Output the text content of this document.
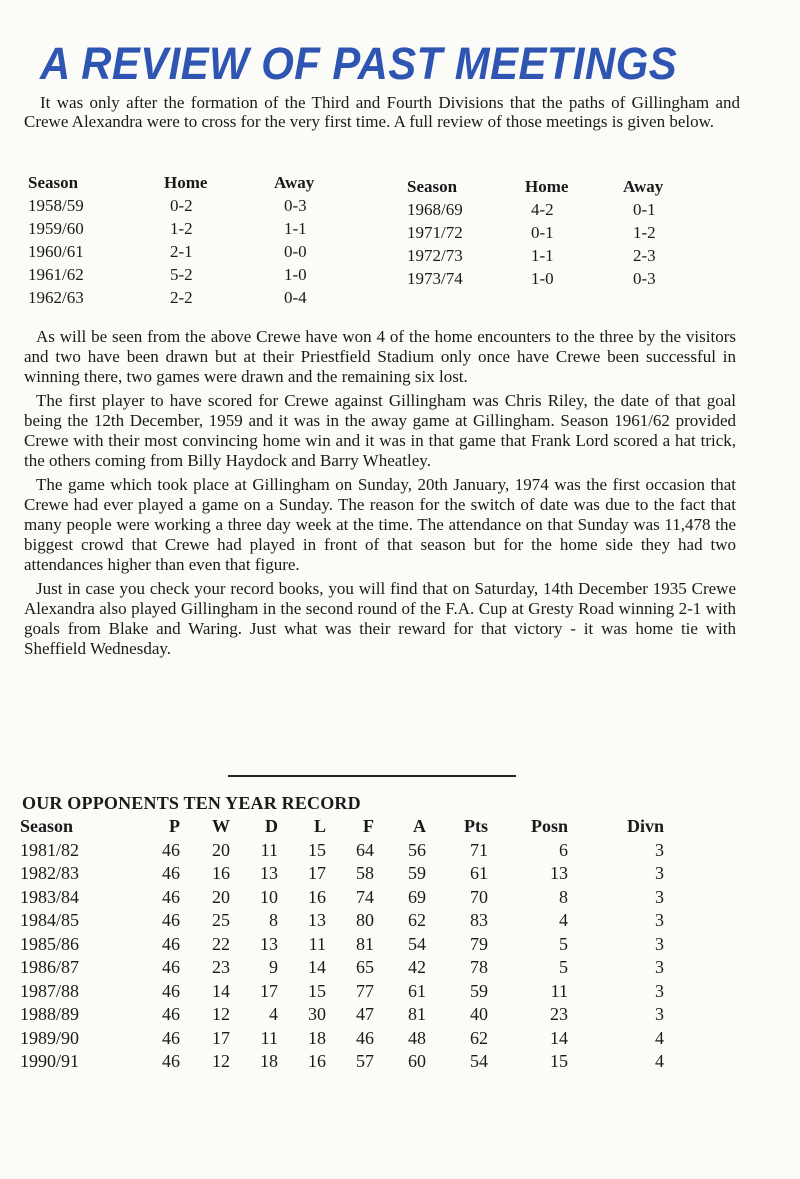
A REVIEW OF PAST MEETINGS

It was only after the formation of the Third and Fourth Divisions that the paths of Gillingham and Crewe Alexandra were to cross for the very first time. A full review of those meetings is given below.

Season	Home	Away
1958/59	0-2	0-3
1959/60	1-2	1-1
1960/61	2-1	0-0
1961/62	5-2	1-0
1962/63	2-2	0-4
Season	Home	Away
1968/69	4-2	0-1
1971/72	0-1	1-2
1972/73	1-1	2-3
1973/74	1-0	0-3

As will be seen from the above Crewe have won 4 of the home encounters to the three by the visitors and two have been drawn but at their Priestfield Stadium only once have Crewe been successful in winning there, two games were drawn and the remaining six lost.

The first player to have scored for Crewe against Gillingham was Chris Riley, the date of that goal being the 12th December, 1959 and it was in the away game at Gillingham. Season 1961/62 provided Crewe with their most convincing home win and it was in that game that Frank Lord scored a hat trick, the others coming from Billy Haydock and Barry Wheatley.

The game which took place at Gillingham on Sunday, 20th January, 1974 was the first occasion that Crewe had ever played a game on a Sunday. The reason for the switch of date was due to the fact that many people were working a three day week at the time. The attendance on that Sunday was 11,478 the biggest crowd that Crewe had played in front of that season but for the home side they had two attendances higher than even that figure.

Just in case you check your record books, you will find that on Saturday, 14th December 1935 Crewe Alexandra also played Gillingham in the second round of the F.A. Cup at Gresty Road winning 2-1 with goals from Blake and Waring. Just what was their reward for that victory - it was home tie with Sheffield Wednesday.

OUR OPPONENTS TEN YEAR RECORD
Season	P	W	D	L	F	A	Pts	Posn	Divn
1981/82	46	20	11	15	64	56	71	6	3
1982/83	46	16	13	17	58	59	61	13	3
1983/84	46	20	10	16	74	69	70	8	3
1984/85	46	25	8	13	80	62	83	4	3
1985/86	46	22	13	11	81	54	79	5	3
1986/87	46	23	9	14	65	42	78	5	3
1987/88	46	14	17	15	77	61	59	11	3
1988/89	46	12	4	30	47	81	40	23	3
1989/90	46	17	11	18	46	48	62	14	4
1990/91	46	12	18	16	57	60	54	15	4
